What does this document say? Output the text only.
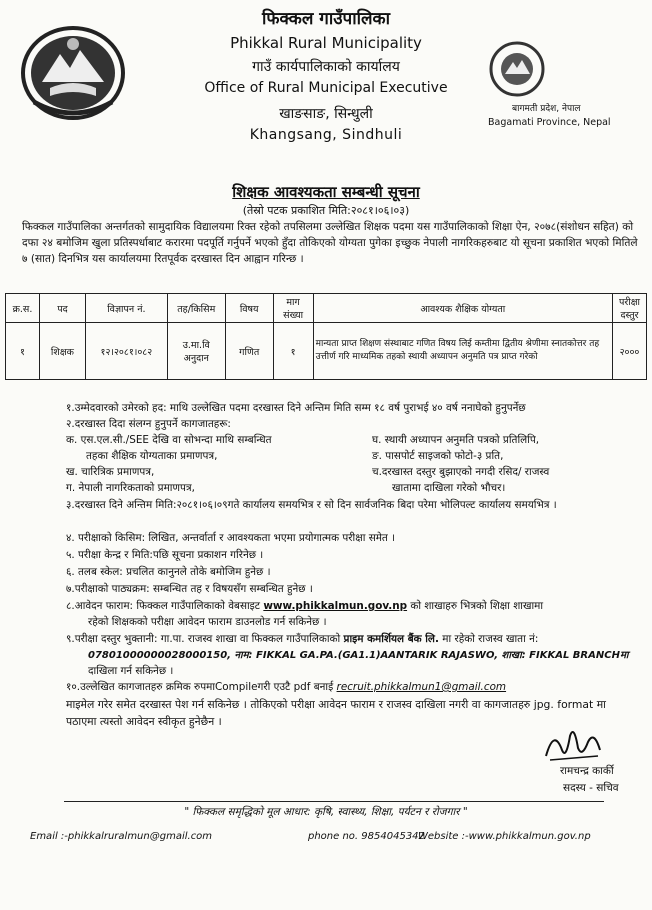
फिक्कल गाउँपालिका
Phikkal Rural Municipality
गाउँ कार्यपालिकाको कार्यालय
Office of Rural Municipal Executive
खाङसाङ, सिन्धुली
Khangsang, Sindhuli
बागमती प्रदेश, नेपाल
Bagamati Province, Nepal
शिक्षक आवश्यकता सम्बन्धी सूचना
(तेस्रो पटक प्रकाशित मिति:२०८१।०६।०३)
फिक्कल गाउँपालिका अन्तर्गतको सामुदायिक विद्यालयमा रिक्त रहेको तपसिलमा उल्लेखित शिक्षक पदमा यस गाउँपालिकाको शिक्षा ऐन, २०७८(संशोधन सहित) को दफा २४ बमोजिम खुला प्रतिस्पर्धाबाट करारमा पदपूर्ति गर्नुपर्ने भएको हुँदा तोकिएको योग्यता पुगेका इच्छुक नेपाली नागरिकहरुबाट यो सूचना प्रकाशित भएको मितिले ७ (सात) दिनभित्र यस कार्यालयमा रितपूर्वक दरखास्त दिन आह्वान गरिन्छ ।
क्र.स.	पद	विज्ञापन नं.	तह/किसिम	विषय	माग संख्या	आवश्यक शैक्षिक योग्यता	परीक्षा दस्तुर
१	शिक्षक	१२।२०८१।०८२	उ.मा.वि अनुदान	गणित	१	मान्यता प्राप्त शिक्षण संस्थाबाट गणित विषय लिई कम्तीमा द्वितीय श्रेणीमा स्नातकोत्तर तह उत्तीर्ण गरि माध्यमिक तहको स्थायी अध्यापन अनुमति पत्र प्राप्त गरेको	२०००
१.उम्मेदवारको उमेरको हद: माथि उल्लेखित पदमा दरखास्त दिने अन्तिम मिति सम्म १८ वर्ष पुराभई ४० वर्ष ननाघेको हुनुपर्नेछ
२.दरखास्त दिदा संलग्न हुनुपर्ने कागजातहरू:
क. एस.एल.सी./SEE देखि वा सोभन्दा माथि सम्बन्धित
तहका शैक्षिक योग्यताका प्रमाणपत्र,
ख. चारित्रिक प्रमाणपत्र,
ग. नेपाली नागरिकताको प्रमाणपत्र,
घ. स्थायी अध्यापन अनुमति पत्रको प्रतिलिपि,
ङ. पासपोर्ट साइजको फोटो-३ प्रति,
च.दरखास्त दस्तुर बुझाएको नगदी रसिद/ राजस्व
खातामा दाखिला गरेको भौचर।
३.दरखास्त दिने अन्तिम मिति:२०८१।०६।०९गते कार्यालय समयभित्र र सो दिन सार्वजनिक बिदा परेमा भोलिपल्ट कार्यालय समयभित्र ।
४. परीक्षाको किसिम: लिखित, अन्तर्वार्ता र आवश्यकता भएमा प्रयोगात्मक परीक्षा समेत ।
५. परीक्षा केन्द्र र मिति:पछि सूचना प्रकाशन गरिनेछ ।
६. तलब स्केल: प्रचलित कानुनले तोके बमोजिम हुनेछ ।
७.परीक्षाको पाठ्यक्रम: सम्बन्धित तह र विषयसँग सम्बन्धित हुनेछ ।
८.आवेदन फाराम: फिक्कल गाउँपालिकाको वेबसाइट www.phikkalmun.gov.np को शाखाहरु भित्रको शिक्षा शाखामा
रहेको शिक्षकको परीक्षा आवेदन फाराम डाउनलोड गर्न सकिनेछ ।
९.परीक्षा दस्तुर भुक्तानी: गा.पा. राजस्व शाखा वा फिक्कल गाउँपालिकाको प्राइम कमर्शियल बैंक लि. मा रहेको राजस्व खाता नं:
07801000000028000150, नाम: FIKKAL GA.PA.(GA1.1)AANTARIK RAJASWO, शाखा: FIKKAL BRANCHमा
दाखिला गर्न सकिनेछ ।
१०.उल्लेखित कागजातहरु क्रमिक रुपमाCompileगरी एउटै pdf बनाई recruit.phikkalmun1@gmail.com
माइमेल गरेर समेत दरखास्त पेश गर्न सकिनेछ । तोकिएको परीक्षा आवेदन फाराम र राजस्व दाखिला नगरी वा कागजातहरु jpg. format मा पठाएमा त्यस्तो आवेदन स्वीकृत हुनेछैन ।
रामचन्द्र कार्की
सदस्य - सचिव
" फिक्कल समृद्धिको मूल आधार: कृषि, स्वास्थ्य, शिक्षा, पर्यटन र रोजगार "
Email :-phikkalruralmun@gmail.com	phone no. 9854045342
Website :-www.phikkalmun.gov.np
